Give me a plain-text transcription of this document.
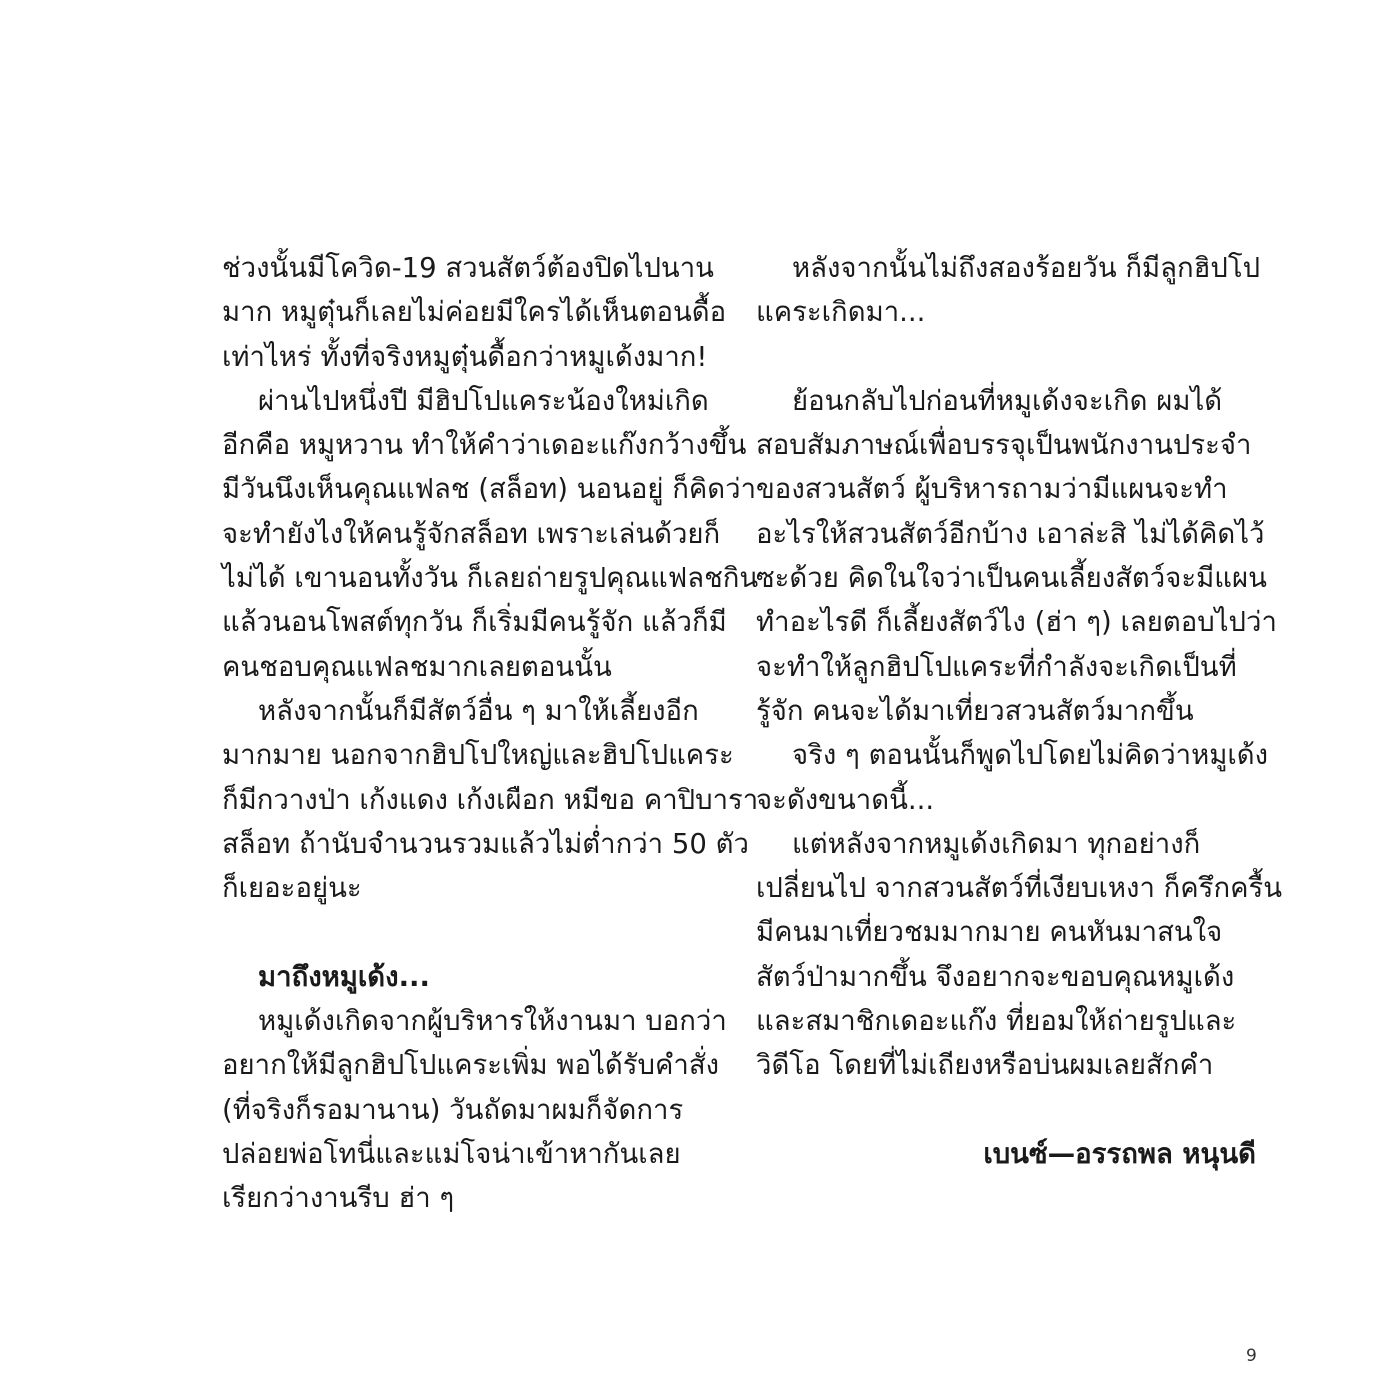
ช่วงนั้นมีโควิด-19 สวนสัตว์ต้องปิดไปนาน
มาก หมูตุ๋นก็เลยไม่ค่อยมีใครได้เห็นตอนดื้อ
เท่าไหร่ ทั้งที่จริงหมูตุ๋นดื้อกว่าหมูเด้งมาก!
ผ่านไปหนึ่งปี มีฮิปโปแคระน้องใหม่เกิด
อีกคือ หมูหวาน ทำให้คำว่าเดอะแก๊งกว้างขึ้น
มีวันนึงเห็นคุณแฟลช (สล็อท) นอนอยู่ ก็คิดว่า
จะทำยังไงให้คนรู้จักสล็อท เพราะเล่นด้วยก็
ไม่ได้ เขานอนทั้งวัน ก็เลยถ่ายรูปคุณแฟลชกิน
แล้วนอนโพสต์ทุกวัน ก็เริ่มมีคนรู้จัก แล้วก็มี
คนชอบคุณแฟลชมากเลยตอนนั้น
หลังจากนั้นก็มีสัตว์อื่น ๆ มาให้เลี้ยงอีก
มากมาย นอกจากฮิปโปใหญ่และฮิปโปแคระ
ก็มีกวางป่า เก้งแดง เก้งเผือก หมีขอ คาปิบารา
สล็อท ถ้านับจำนวนรวมแล้วไม่ต่ำกว่า 50 ตัว
ก็เยอะอยู่นะ
มาถึงหมูเด้ง...
หมูเด้งเกิดจากผู้บริหารให้งานมา บอกว่า
อยากให้มีลูกฮิปโปแคระเพิ่ม พอได้รับคำสั่ง
(ที่จริงก็รอมานาน) วันถัดมาผมก็จัดการ
ปล่อยพ่อโทนี่และแม่โจน่าเข้าหากันเลย
เรียกว่างานรีบ ฮ่า ๆ
หลังจากนั้นไม่ถึงสองร้อยวัน ก็มีลูกฮิปโป
แคระเกิดมา...
ย้อนกลับไปก่อนที่หมูเด้งจะเกิด ผมได้
สอบสัมภาษณ์เพื่อบรรจุเป็นพนักงานประจำ
ของสวนสัตว์ ผู้บริหารถามว่ามีแผนจะทำ
อะไรให้สวนสัตว์อีกบ้าง เอาล่ะสิ ไม่ได้คิดไว้
ซะด้วย คิดในใจว่าเป็นคนเลี้ยงสัตว์จะมีแผน
ทำอะไรดี ก็เลี้ยงสัตว์ไง (ฮ่า ๆ) เลยตอบไปว่า
จะทำให้ลูกฮิปโปแคระที่กำลังจะเกิดเป็นที่
รู้จัก คนจะได้มาเที่ยวสวนสัตว์มากขึ้น
จริง ๆ ตอนนั้นก็พูดไปโดยไม่คิดว่าหมูเด้ง
จะดังขนาดนี้...
แต่หลังจากหมูเด้งเกิดมา ทุกอย่างก็
เปลี่ยนไป จากสวนสัตว์ที่เงียบเหงา ก็ครึกครื้น
มีคนมาเที่ยวชมมากมาย คนหันมาสนใจ
สัตว์ป่ามากขึ้น จึงอยากจะขอบคุณหมูเด้ง
และสมาชิกเดอะแก๊ง ที่ยอมให้ถ่ายรูปและ
วิดีโอ โดยที่ไม่เถียงหรือบ่นผมเลยสักคำ
เบนซ์—อรรถพล หนุนดี
9
